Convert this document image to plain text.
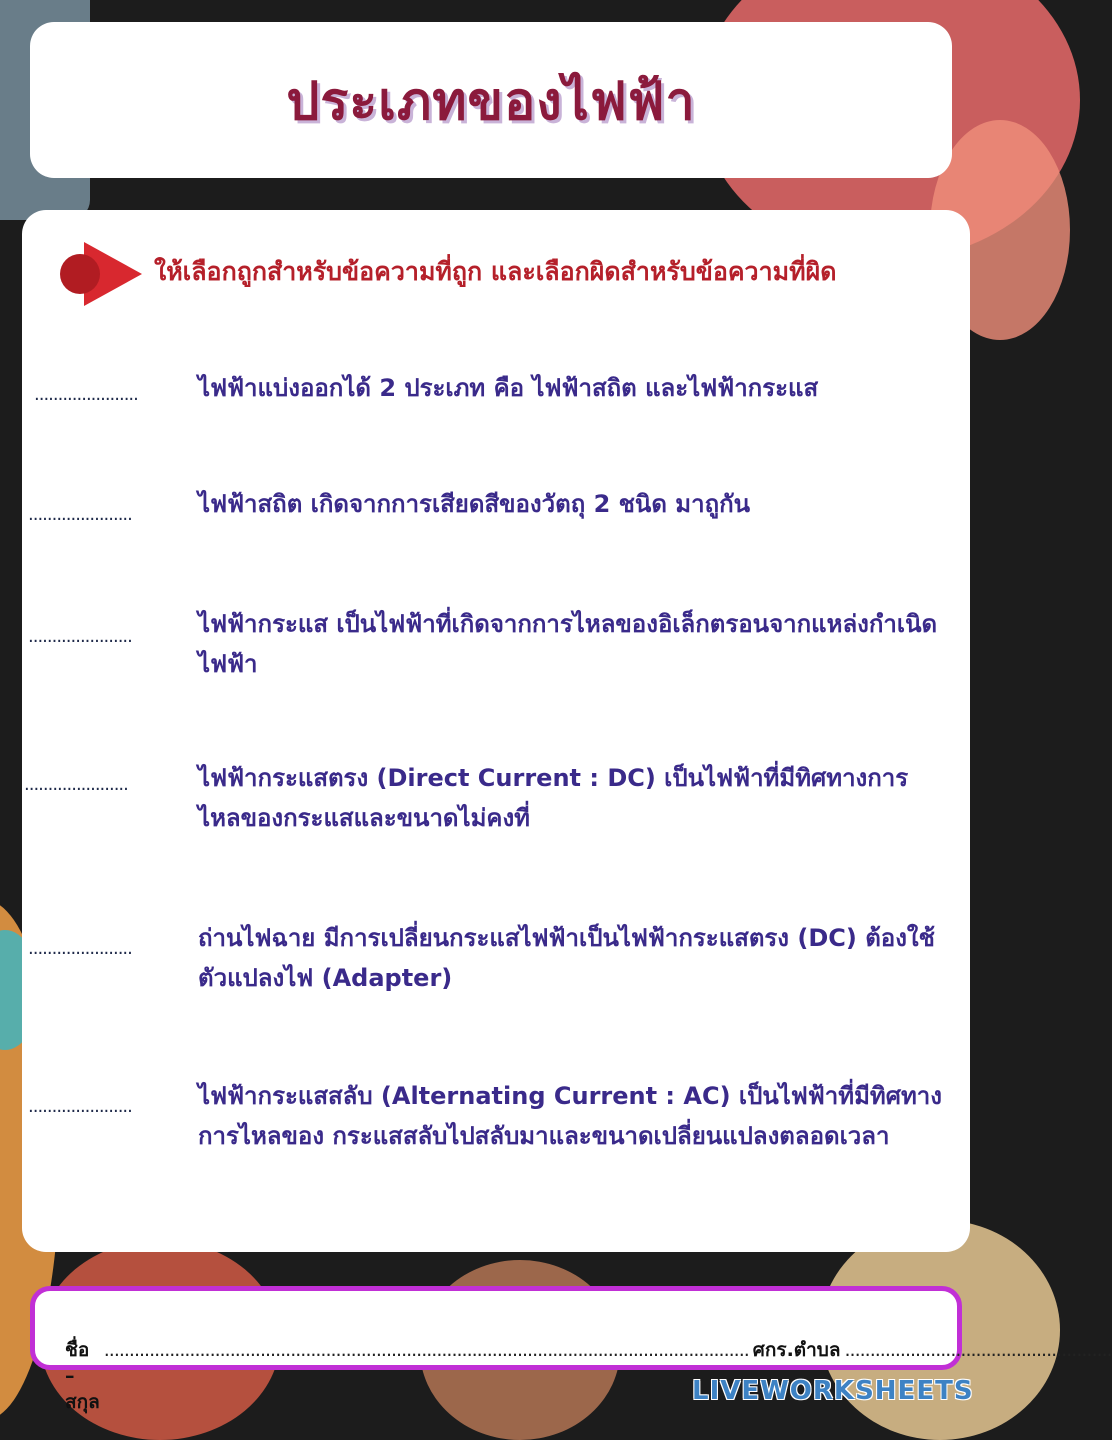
ประเภทของไฟฟ้า
ให้เลือกถูกสำหรับข้อความที่ถูก และเลือกผิดสำหรับข้อความที่ผิด
......................	ไฟฟ้าแบ่งออกได้ 2 ประเภท คือ ไฟฟ้าสถิต และไฟฟ้ากระแส
......................	ไฟฟ้าสถิต เกิดจากการเสียดสีของวัตถุ 2 ชนิด มาถูกัน
......................	ไฟฟ้ากระแส เป็นไฟฟ้าที่เกิดจากการไหลของอิเล็กตรอนจากแหล่งกำเนิดไฟฟ้า
......................	ไฟฟ้ากระแสตรง (Direct Current : DC) เป็นไฟฟ้าที่มีทิศทางการไหลของกระแสและขนาดไม่คงที่
......................	ถ่านไฟฉาย มีการเปลี่ยนกระแสไฟฟ้าเป็นไฟฟ้ากระแสตรง (DC) ต้องใช้ตัวแปลงไฟ (Adapter)
......................	ไฟฟ้ากระแสสลับ (Alternating Current : AC) เป็นไฟฟ้าที่มีทิศทางการไหลของ กระแสสลับไปสลับมาและขนาดเปลี่ยนแปลงตลอดเวลา
ชื่อ – สกุล
................................................................................................................................ ศกร.ตำบล .....................................................
LIVEWORKSHEETS
